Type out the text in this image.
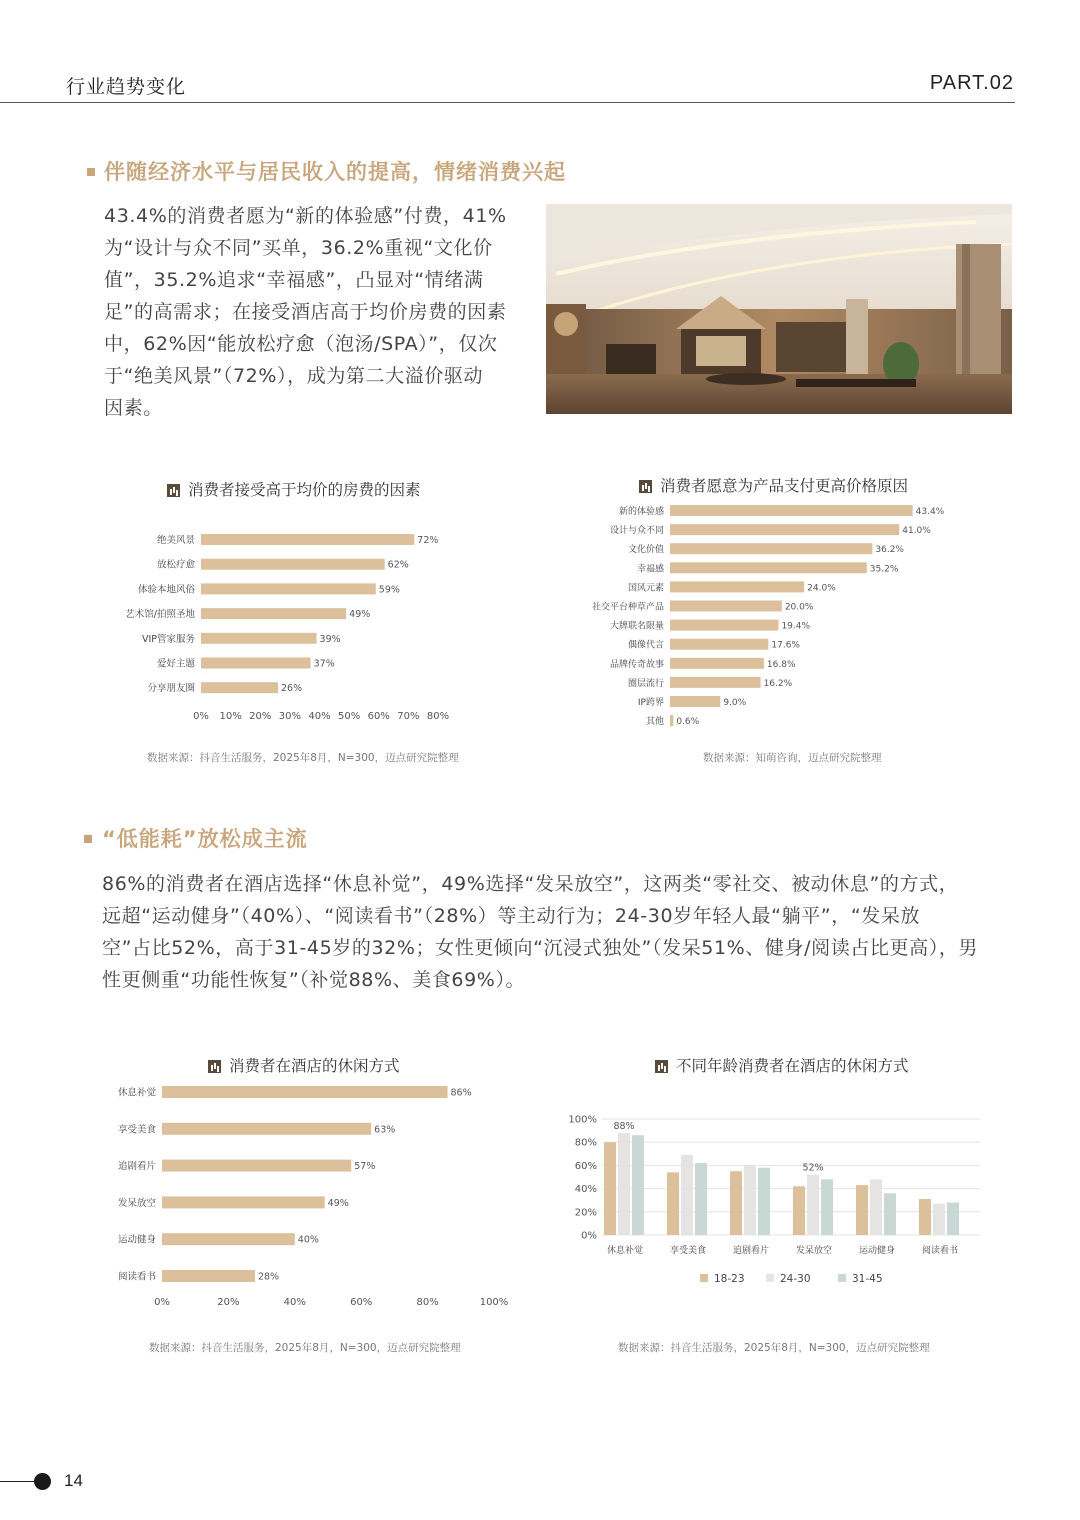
行业趋势变化	PART.02
伴随经济水平与居民收入的提高，情绪消费兴起
43.4%的消费者愿为“新的体验感”付费，41%
为“设计与众不同”买单，36.2%重视“文化价
值”，35.2%追求“幸福感”，凸显对“情绪满
足”的高需求；在接受酒店高于均价房费的因素
中，62%因“能放松疗愈（泡汤/SPA）”，仅次
于“绝美风景”（72%），成为第二大溢价驱动
因素。
消费者接受高于均价的房费的因素
绝美风景	72%
放松疗愈	62%
体验本地风俗	59%
艺术馆/拍照圣地	49%
VIP管家服务	39%
爱好主题	37%
分享朋友圈	26%
0% 10% 20% 30% 40% 50% 60% 70% 80%
数据来源：抖音生活服务，2025年8月，N=300，迈点研究院整理
消费者愿意为产品支付更高价格原因
新的体验感	43.4%
设计与众不同	41.0%
文化价值	36.2%
幸福感	35.2%
国风元素	24.0%
社交平台种草产品	20.0%
大牌联名限量	19.4%
偶像代言	17.6%
品牌传奇故事	16.8%
圈层流行	16.2%
IP跨界	9.0%
其他 0.6%
数据来源：知萌咨询，迈点研究院整理
“低能耗”放松成主流
86%的消费者在酒店选择“休息补觉”，49%选择“发呆放空”，这两类“零社交、被动休息”的方式，
远超“运动健身”（40%）、“阅读看书”（28%）等主动行为；24-30岁年轻人最“躺平”，“发呆放
空”占比52%，高于31-45岁的32%；女性更倾向“沉浸式独处”（发呆51%、健身/阅读占比更高），男
性更侧重“功能性恢复”（补觉88%、美食69%）。
消费者在酒店的休闲方式
休息补觉	86%
享受美食	63%
追剧看片	57%
发呆放空	49%
运动健身	40%
阅读看书	28%
0%	20%	40%	60%	80%	100%
数据来源：抖音生活服务，2025年8月，N=300，迈点研究院整理
不同年龄消费者在酒店的休闲方式
0%
20%
40%
60%
80%
100%
休息补觉	享受美食	追剧看片	发呆放空	运动健身	阅读看书
88%
52%
18-23	24-30	31-45
数据来源：抖音生活服务，2025年8月，N=300，迈点研究院整理
14
